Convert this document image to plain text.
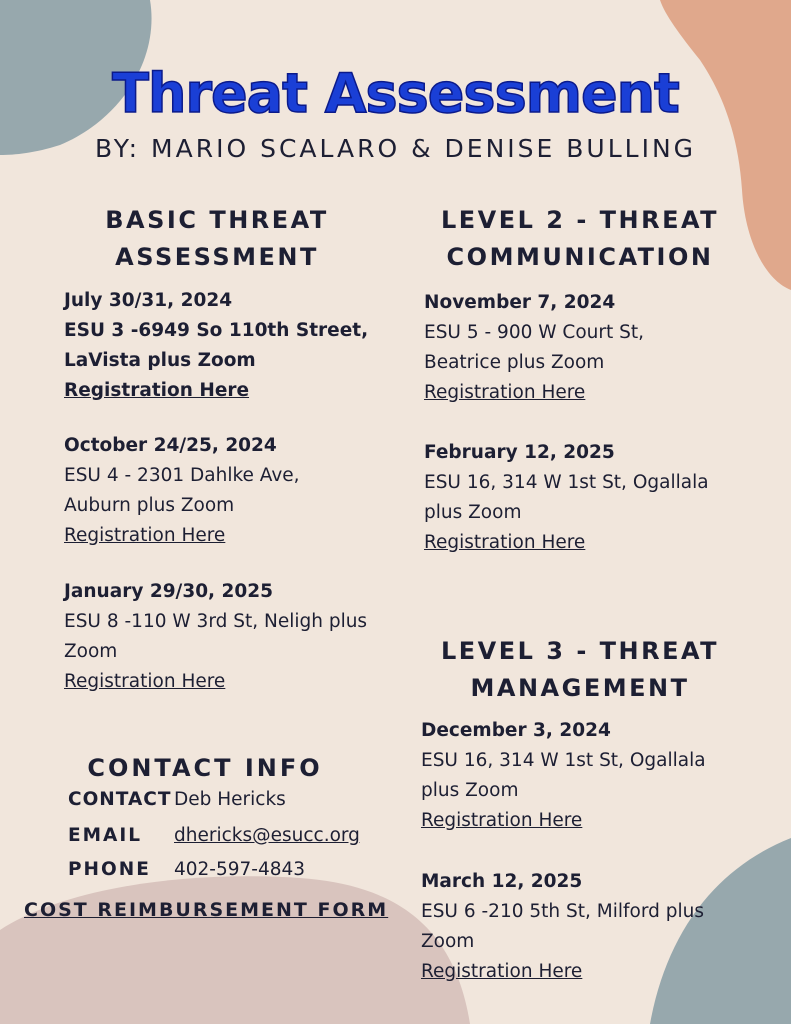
Threat Assessment
BY: MARIO SCALARO & DENISE BULLING
BASIC THREAT
ASSESSMENT
July 30/31, 2024
ESU 3 -6949 So 110th Street,
LaVista plus Zoom
Registration Here
October 24/25, 2024
ESU 4 - 2301 Dahlke Ave,
Auburn plus Zoom
Registration Here
January 29/30, 2025
ESU 8 -110 W 3rd St, Neligh plus
Zoom
Registration Here
LEVEL 2 - THREAT
COMMUNICATION
November 7, 2024
ESU 5 - 900 W Court St,
Beatrice plus Zoom
Registration Here
February 12, 2025
ESU 16, 314 W 1st St, Ogallala
plus Zoom
Registration Here
LEVEL 3 - THREAT
MANAGEMENT
December 3, 2024
ESU 16, 314 W 1st St, Ogallala
plus Zoom
Registration Here
March 12, 2025
ESU 6 -210 5th St, Milford plus
Zoom
Registration Here
CONTACT INFO
CONTACT Deb Hericks
EMAIL dhericks@esucc.org
PHONE 402-597-4843
COST REIMBURSEMENT FORM
